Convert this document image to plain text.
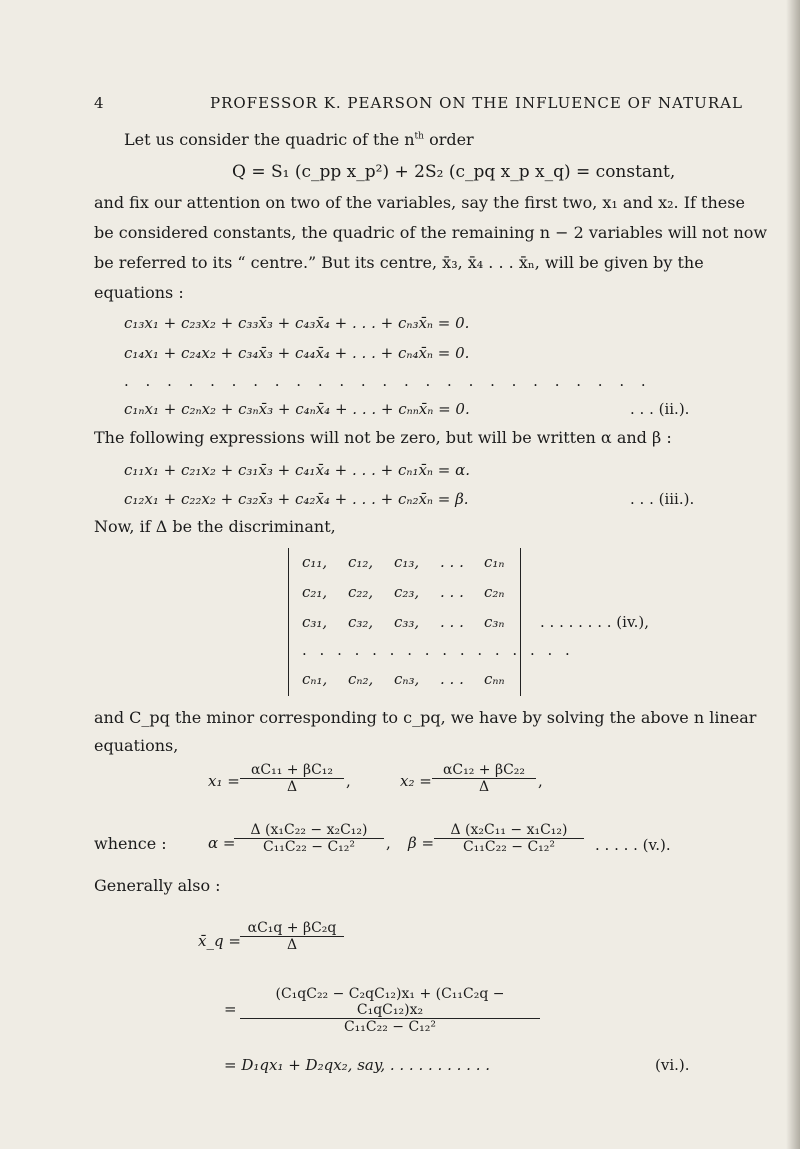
4	PROFESSOR K. PEARSON ON THE INFLUENCE OF NATURAL
Let us consider the quadric of the $n^{th}$ order
Q = S₁ (c_pp x_p²) + 2S₂ (c_pq x_p x_q) = constant,
and fix our attention on two of the variables, say the first two, x₁ and x₂. If these
be considered constants, the quadric of the remaining n − 2 variables will not now
be referred to its “ centre.” But its centre, x̄₃, x̄₄ . . . x̄ₙ, will be given by the
equations :
c₁₃x₁ + c₂₃x₂ + c₃₃x̄₃ + c₄₃x̄₄ + . . . + cₙ₃x̄ₙ = 0.
c₁₄x₁ + c₂₄x₂ + c₃₄x̄₃ + c₄₄x̄₄ + . . . + cₙ₄x̄ₙ = 0.
. . . . . . . . . . . . . . . . . . . . . . . . .
c₁ₙx₁ + c₂ₙx₂ + c₃ₙx̄₃ + c₄ₙx̄₄ + . . . + cₙₙx̄ₙ = 0.	. . . (ii.).
The following expressions will not be zero, but will be written α and β :
c₁₁x₁ + c₂₁x₂ + c₃₁x̄₃ + c₄₁x̄₄ + . . . + cₙ₁x̄ₙ = α.
c₁₂x₁ + c₂₂x₂ + c₃₂x̄₃ + c₄₂x̄₄ + . . . + cₙ₂x̄ₙ = β.	. . . (iii.).
Now, if Δ be the discriminant,
c₁₁, c₁₂, c₁₃, . . . c₁ₙ
c₂₁, c₂₂, c₂₃, . . . c₂ₙ
c₃₁, c₃₂, c₃₃, . . . c₃ₙ
. . . . . . . . . . . . . . . .
cₙ₁, cₙ₂, cₙ₃, . . . cₙₙ
. . . . . . . . (iv.),
and C_pq the minor corresponding to c_pq, we have by solving the above n linear
equations,
$x_1 = \frac{\text{αC₁₁ + βC₁₂}}{\Delta}$ ,	$x_2 = \frac{\text{αC₁₂ + βC₂₂}}{\Delta}$ ,
whence :	α =
$\frac{\text{Δ (x₁C₂₂ − x₂C₁₂)}}{\text{C₁₁C₂₂ − C₁₂²}}$ , $\beta = \frac{\text{Δ (x₂C₁₁ − x₁C₁₂)}}{\text{C₁₁C₂₂ − C₁₂²}}$ . . . . . (v.).
Generally also :
x̄_q = $\frac{\text{αC₁q + βC₂q}}{\Delta}$
= $\frac{\text{(C₁qC₂₂ − C₂qC₁₂)x₁ + (C₁₁C₂q − C₁qC₁₂)x₂}}{\text{C₁₁C₂₂ − C₁₂²}}$
= D₁qx₁ + D₂qx₂, say, . . . . . . . . . . .	(vi.).
